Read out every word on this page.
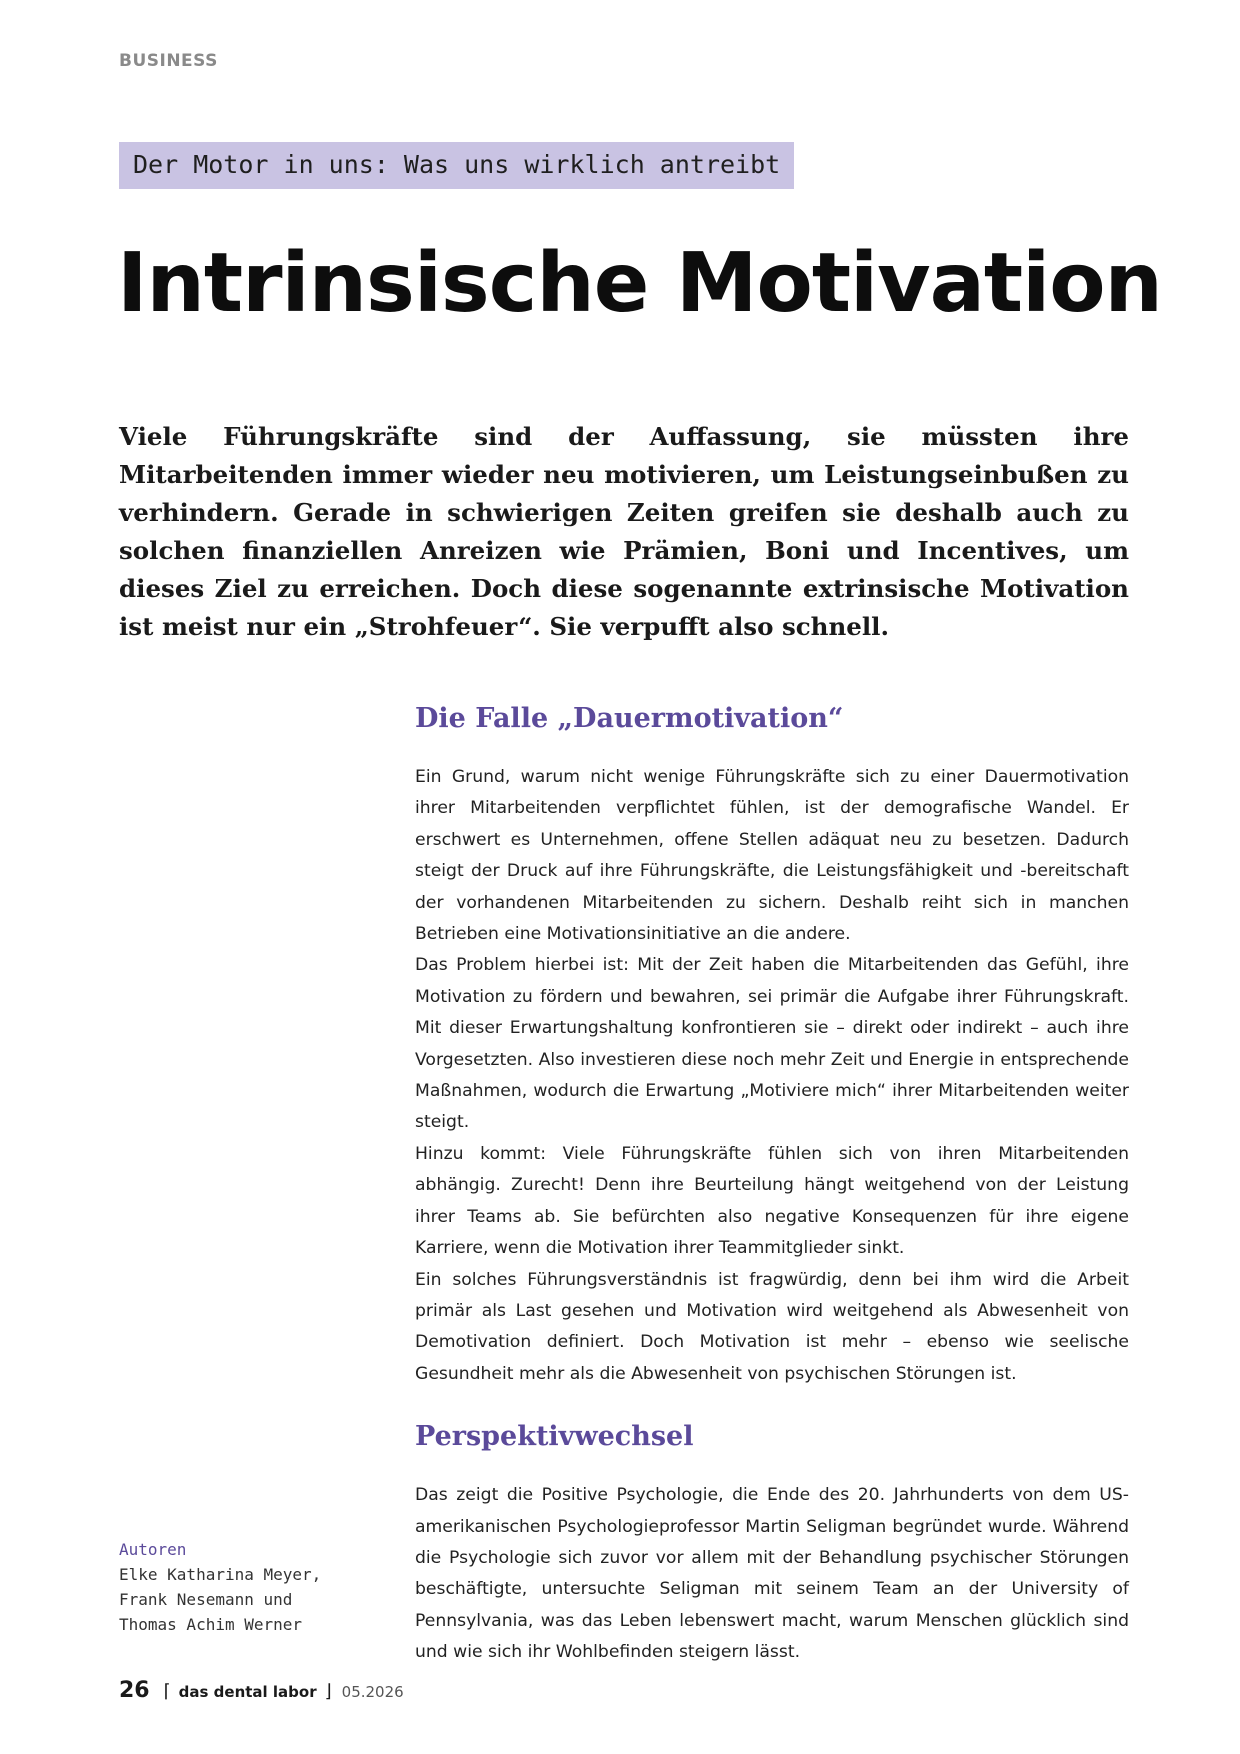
BUSINESS
Der Motor in uns: Was uns wirklich antreibt
Intrinsische Motivation

Viele Führungskräfte sind der Auffassung, sie müssten ihre Mitarbeitenden immer wieder neu motivieren, um Leistungseinbußen zu verhindern. Gerade in schwierigen Zeiten greifen sie deshalb auch zu solchen finanziellen Anreizen wie Prämien, Boni und Incentives, um dieses Ziel zu erreichen. Doch diese sogenannte extrinsische Motivation ist meist nur ein „Strohfeuer“. Sie verpufft also schnell.

Die Falle „Dauermotivation“

Ein Grund, warum nicht wenige Führungskräfte sich zu einer Dauermotivation ihrer Mitarbeitenden verpflichtet fühlen, ist der demografische Wandel. Er erschwert es Unternehmen, offene Stellen adäquat neu zu besetzen. Dadurch steigt der Druck auf ihre Führungskräfte, die Leistungsfähigkeit und -bereitschaft der vorhandenen Mitarbeitenden zu sichern. Deshalb reiht sich in manchen Betrieben eine Motivationsinitiative an die andere.

Das Problem hierbei ist: Mit der Zeit haben die Mitarbeitenden das Gefühl, ihre Motivation zu fördern und bewahren, sei primär die Aufgabe ihrer Führungskraft. Mit dieser Erwartungshaltung konfrontieren sie – direkt oder indirekt – auch ihre Vorgesetzten. Also investieren diese noch mehr Zeit und Energie in entsprechende Maßnahmen, wodurch die Erwartung „Motiviere mich“ ihrer Mitarbeitenden weiter steigt.

Hinzu kommt: Viele Führungskräfte fühlen sich von ihren Mitarbeitenden abhängig. Zurecht! Denn ihre Beurteilung hängt weitgehend von der Leistung ihrer Teams ab. Sie befürchten also negative Konsequenzen für ihre eigene Karriere, wenn die Motivation ihrer Teammitglieder sinkt.

Ein solches Führungsverständnis ist fragwürdig, denn bei ihm wird die Arbeit primär als Last gesehen und Motivation wird weitgehend als Abwesenheit von Demotivation definiert. Doch Motivation ist mehr – ebenso wie seelische Gesundheit mehr als die Abwesenheit von psychischen Störungen ist.

Perspektivwechsel

Das zeigt die Positive Psychologie, die Ende des 20. Jahrhunderts von dem US-amerikanischen Psychologieprofessor Martin Seligman begründet wurde. Während die Psychologie sich zuvor vor allem mit der Behandlung psychischer Störungen beschäftigte, untersuchte Seligman mit seinem Team an der University of Pennsylvania, was das Leben lebenswert macht, warum Menschen glücklich sind und wie sich ihr Wohlbefinden steigern lässt.

Autoren
Elke Katharina Meyer,
Frank Nesemann und
Thomas Achim Werner
26 ⌈ das dental labor ⌋ 05.2026
